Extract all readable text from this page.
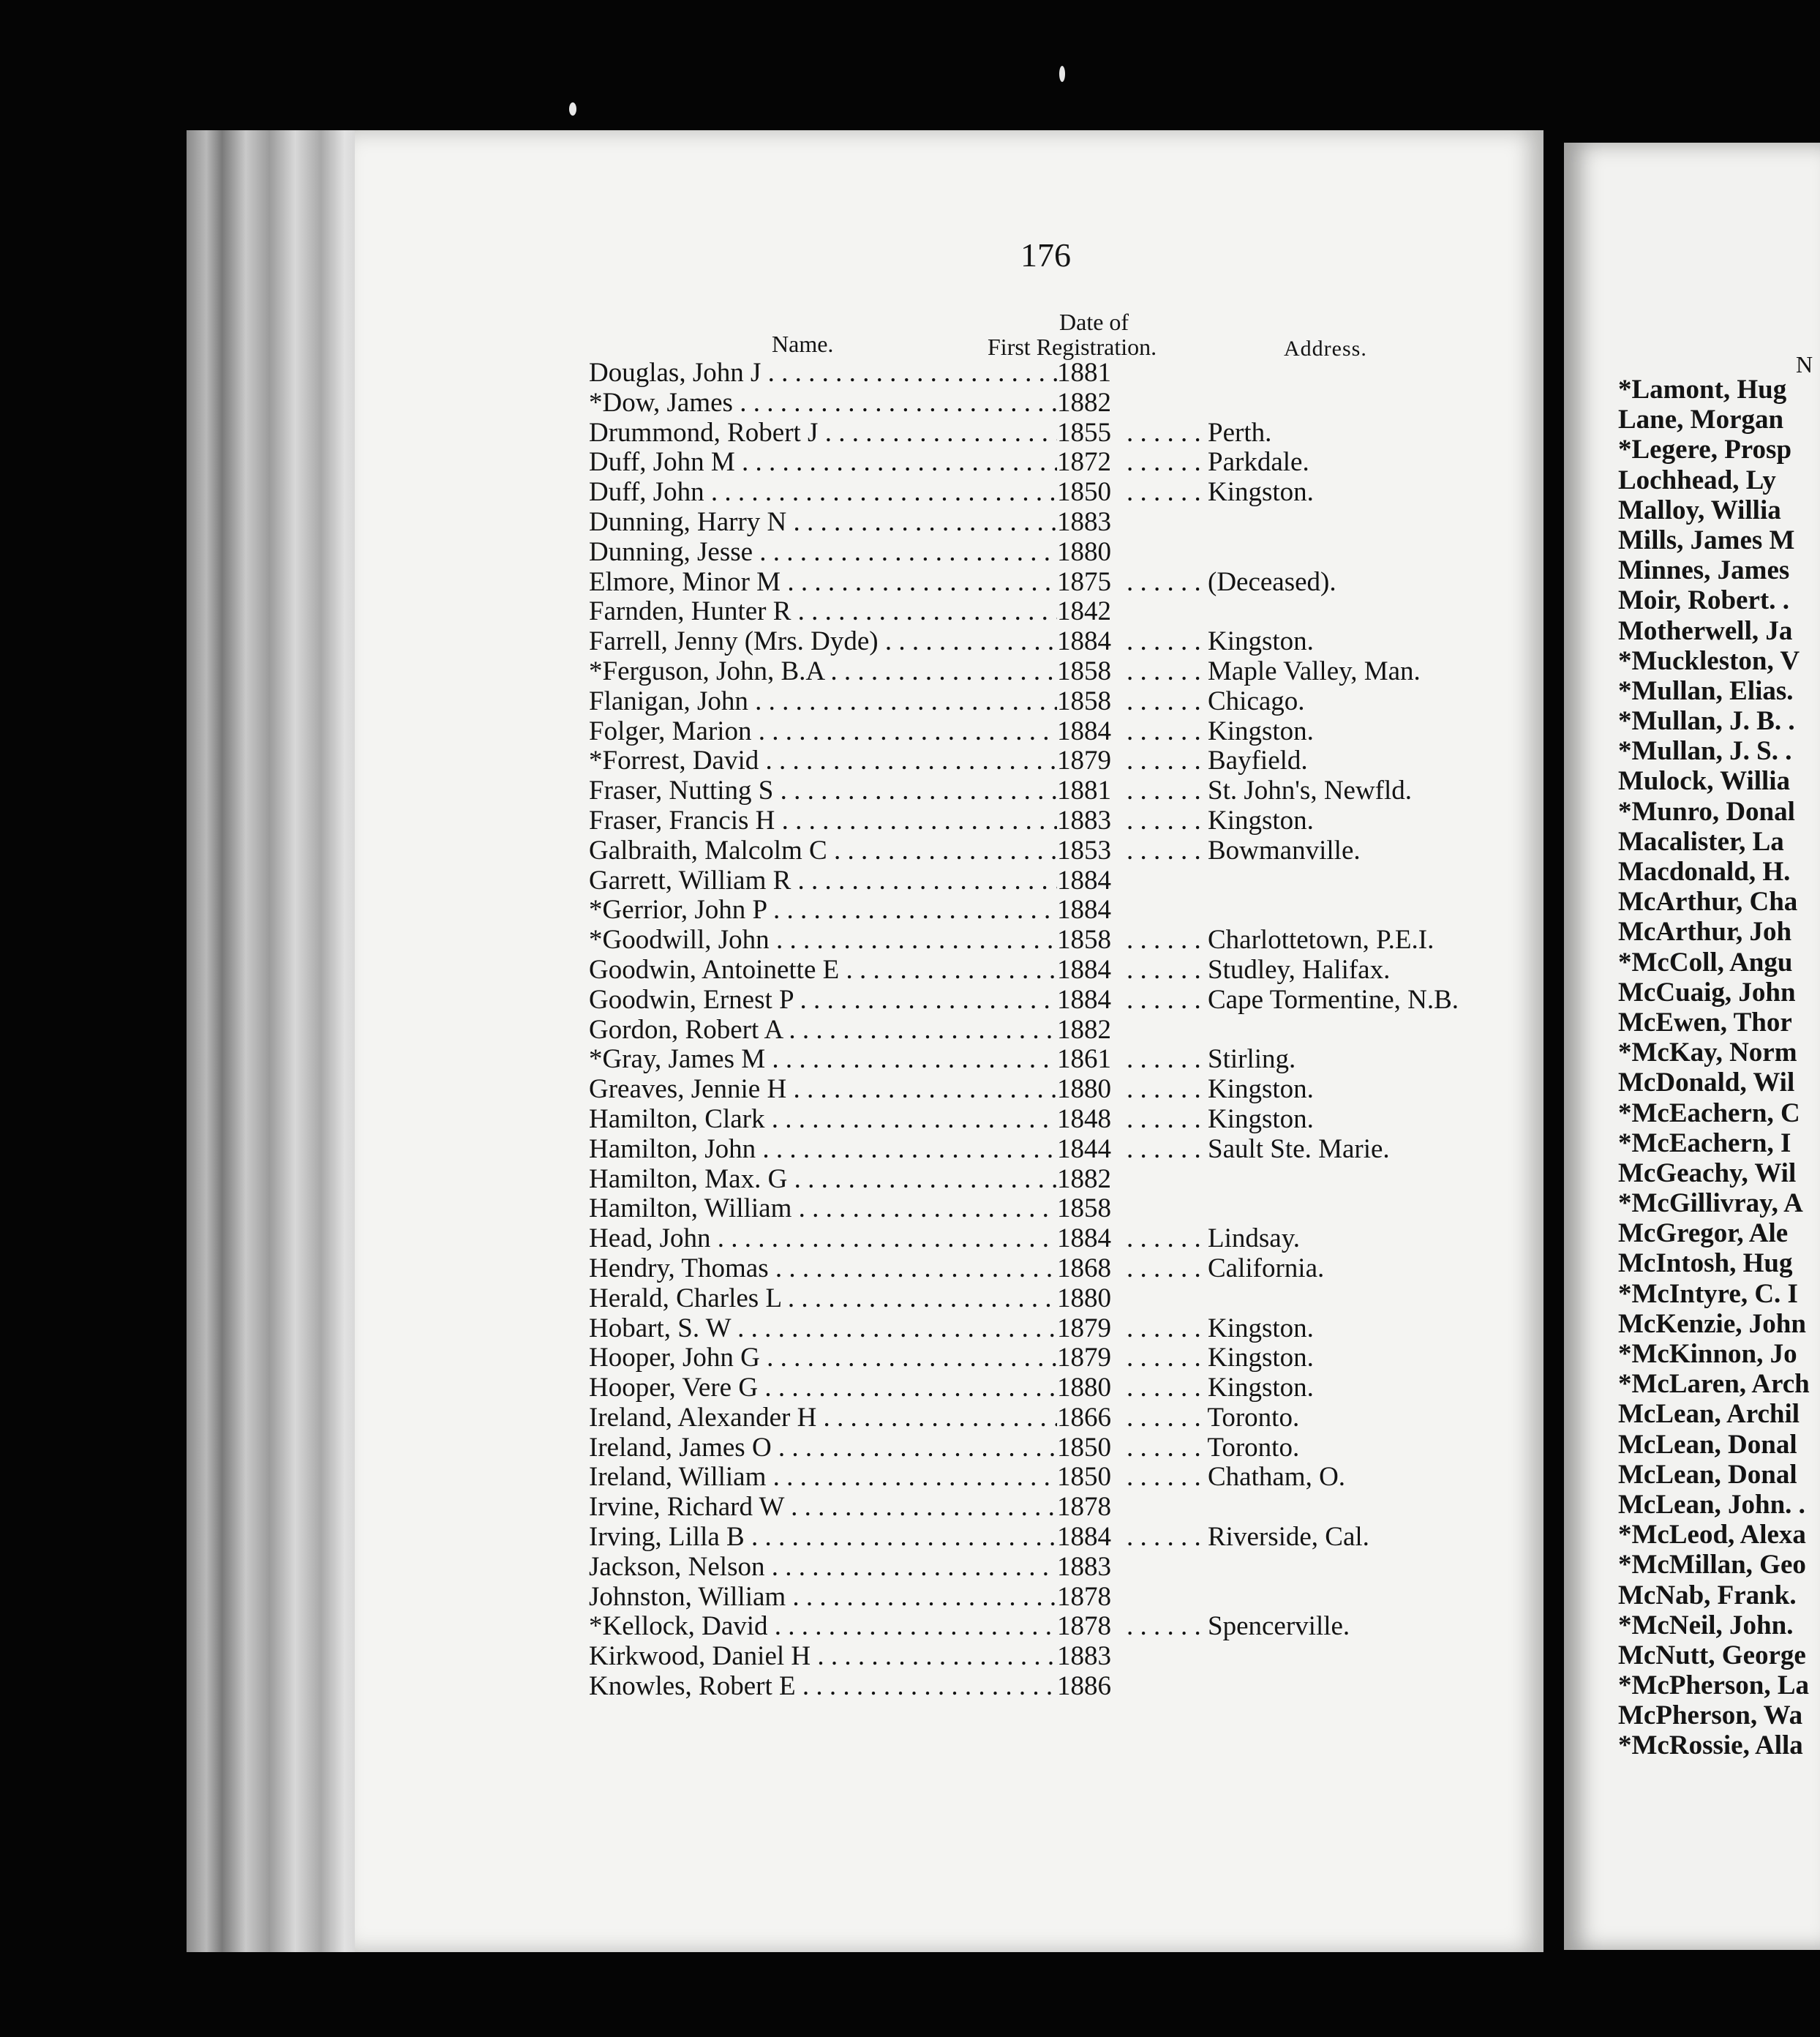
176
Name.
Date of
First Registration.	Address.
Douglas, John J . . .	1881
*Dow, James . . .	1882
Drummond, Robert J . . .	1855	. . . Perth.
Duff, John M . . .	1872	. . . Parkdale.
Duff, John . . .	1850	. . . Kingston.
Dunning, Harry N . . .	1883
Dunning, Jesse . . .	1880
Elmore, Minor M . . .	1875	. . . (Deceased).
Farnden, Hunter R . . .	1842
Farrell, Jenny (Mrs. Dyde) . . .	1884	. . . Kingston.
*Ferguson, John, B.A . . .	1858	. . . Maple Valley, Man.
Flanigan, John . . .	1858	. . . Chicago.
Folger, Marion . . .	1884	. . . Kingston.
*Forrest, David . . .	1879	. . . Bayfield.
Fraser, Nutting S . . .	1881	. . . St. John's, Newfld.
Fraser, Francis H . . .	1883	. . . Kingston.
Galbraith, Malcolm C . . .	1853	. . . Bowmanville.
Garrett, William R . . .	1884
*Gerrior, John P . . .	1884
*Goodwill, John . . .	1858	. . . Charlottetown, P.E.I.
Goodwin, Antoinette E . . .	1884	. . . Studley, Halifax.
Goodwin, Ernest P . . .	1884	. . . Cape Tormentine, N.B.
Gordon, Robert A . . .	1882
*Gray, James M . . .	1861	. . . Stirling.
Greaves, Jennie H . . .	1880	. . . Kingston.
Hamilton, Clark . . .	1848	. . . Kingston.
Hamilton, John . . .	1844	. . . Sault Ste. Marie.
Hamilton, Max. G . . .	1882
Hamilton, William . . .	1858
Head, John . . .	1884	. . . Lindsay.
Hendry, Thomas . . .	1868	. . . California.
Herald, Charles L . . .	1880
Hobart, S. W . . .	1879	. . . Kingston.
Hooper, John G . . .	1879	. . . Kingston.
Hooper, Vere G . . .	1880	. . . Kingston.
Ireland, Alexander H . . .	1866	. . . Toronto.
Ireland, James O . . .	1850	. . . Toronto.
Ireland, William . . .	1850	. . . Chatham, O.
Irvine, Richard W . . .	1878
Irving, Lilla B . . .	1884	. . . Riverside, Cal.
Jackson, Nelson . . .	1883
Johnston, William . . .	1878
*Kellock, David . . .	1878	. . . Spencerville.
Kirkwood, Daniel H . . .	1883
Knowles, Robert E . . .	1886
N
*Lamont, Hug
Lane, Morgan
*Legere, Prosp
Lochhead, Ly
Malloy, Willia
Mills, James M
Minnes, James
Moir, Robert. .
Motherwell, Ja
*Muckleston, V
*Mullan, Elias.
*Mullan, J. B. .
*Mullan, J. S. .
Mulock, Willia
*Munro, Donal
Macalister, La
Macdonald, H.
McArthur, Cha
McArthur, Joh
*McColl, Angu
McCuaig, John
McEwen, Thor
*McKay, Norm
McDonald, Wil
*McEachern, C
*McEachern, I
McGeachy, Wil
*McGillivray, A
McGregor, Ale
McIntosh, Hug
*McIntyre, C. I
McKenzie, John
*McKinnon, Jo
*McLaren, Arch
McLean, Archil
McLean, Donal
McLean, Donal
McLean, John. .
*McLeod, Alexa
*McMillan, Geo
McNab, Frank.
*McNeil, John.
McNutt, George
*McPherson, La
McPherson, Wa
*McRossie, Alla
